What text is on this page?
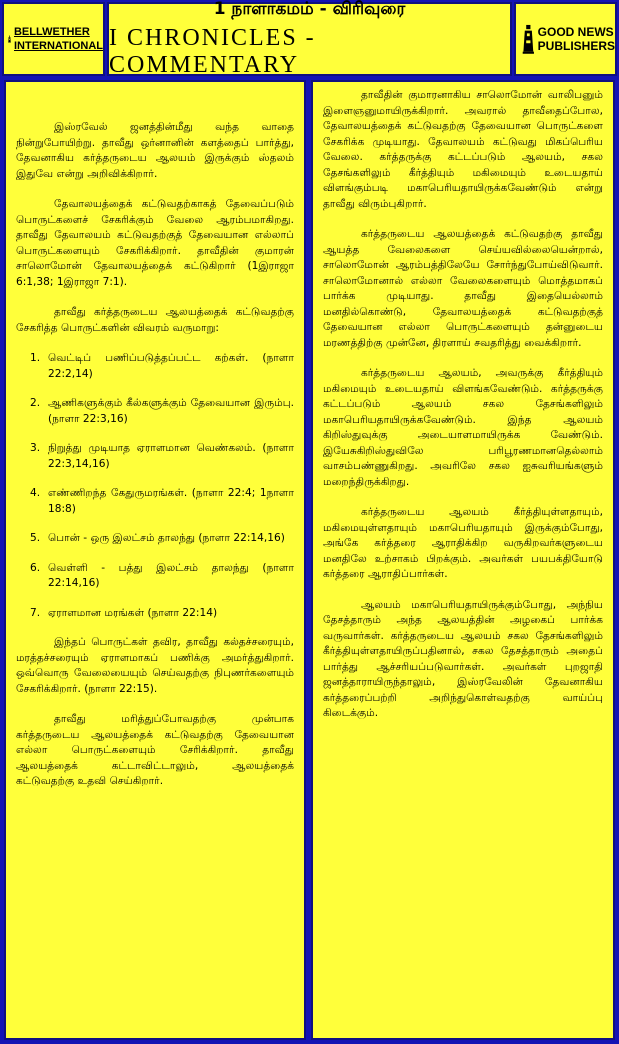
BELLWETHER
INTERNATIONAL
1 நாளாகமம் - விரிவுரை
I CHRONICLES - COMMENTARY
GOOD NEWS
PUBLISHERS

இஸ்ரவேல் ஜனத்தின்மீது வந்த வாதை நின்றுபோயிற்று. தாவீது ஒர்னானின் களத்தைப் பார்த்து, தேவனாகிய கர்த்தருடைய ஆலயம் இருக்கும் ஸ்தலம் இதுவே என்று அறிவிக்கிறார்.

தேவாலயத்தைக் கட்டுவதற்காகத் தேவைப்படும் பொருட்களைச் சேகரிக்கும் வேலை ஆரம்பமாகிறது. தாவீது தேவாலயம் கட்டுவதற்குத் தேவையான எல்லாப் பொருட்களையும் சேகரிக்கிறார். தாவீதின் குமாரன் சாலொமோன் தேவாலயத்தைக் கட்டுகிறார் (1இராஜா 6:1,38; 1இராஜா 7:1).

தாவீது கர்த்தருடைய ஆலயத்தைக் கட்டுவதற்கு சேகரித்த பொருட்களின் விவரம் வருமாறு:

1. வெட்டிப் பணிப்படுத்தப்பட்ட கற்கள். (நாளா 22:2,14)
2. ஆணிகளுக்கும் கீல்களுக்கும் தேவையான இரும்பு. (நாளா 22:3,16)
3. நிறுத்து முடியாத ஏராளமான வெண்கலம். (நாளா 22:3,14,16)
4. எண்ணிறந்த கேதுருமரங்கள். (நாளா 22:4; 1நாளா 18:8)
5. பொன் - ஒரு இலட்சம் தாலந்து (நாளா 22:14,16)
6. வெள்ளி - பத்து இலட்சம் தாலந்து (நாளா 22:14,16)
7. ஏராளமான மரங்கள் (நாளா 22:14)

இந்தப் பொருட்கள் தவிர, தாவீது கல்தச்சரையும், மரத்தச்சரையும் ஏராளமாகப் பணிக்கு அமர்த்துகிறார். ஒவ்வொரு வேலையையும் செய்வதற்கு நிபுணர்களையும் சேகரிக்கிறார். (நாளா 22:15).

தாவீது மரித்துப்போவதற்கு முன்பாக கர்த்தருடைய ஆலயத்தைக் கட்டுவதற்கு தேவையான எல்லா பொருட்களையும் சேரிக்கிறார். தாவீது ஆலயத்தைக் கட்டாவிட்டாலும், ஆலயத்தைக் கட்டுவதற்கு உதவி செய்கிறார்.

தாவீதின் குமாரனாகிய சாலொமோன் வாலிபனும் இளைஞனுமாயிருக்கிறார். அவரால் தாவீதைப்போல, தேவாலயத்தைக் கட்டுவதற்கு தேவையான பொருட்களை சேகரிக்க முடியாது. தேவாலயம் கட்டுவது மிகப்பெரிய வேலை. கர்த்தருக்கு கட்டப்படும் ஆலயம், சகல தேசங்களிலும் கீர்த்தியும் மகிமையும் உடையதாய் விளங்கும்படி மகாபெரியதாயிருக்கவேண்டும் என்று தாவீது விரும்புகிறார்.

கர்த்தருடைய ஆலயத்தைக் கட்டுவதற்கு தாவீது ஆயத்த வேலைகளை செய்யவில்லையென்றால், சாலொமோன் ஆரம்பத்திலேயே சோர்ந்துபோய்விடுவார். சாலொமோனால் எல்லா வேலைகளையும் மொத்தமாகப் பார்க்க முடியாது. தாவீது இதையெல்லாம் மனதில்கொண்டு, தேவாலயத்தைக் கட்டுவதற்குத் தேவையான எல்லா பொருட்களையும் தன்னுடைய மரணத்திற்கு முன்னே, திரளாய் சவதரித்து வைக்கிறார்.

கர்த்தருடைய ஆலயம், அவருக்கு கீர்த்தியும் மகிமையும் உடையதாய் விளங்கவேண்டும். கர்த்தருக்கு கட்டப்படும் ஆலயம் சகல தேசங்களிலும் மகாபெரியதாயிருக்கவேண்டும். இந்த ஆலயம் கிறிஸ்துவுக்கு அடையாளமாயிருக்க வேண்டும். இயேசுகிறிஸ்துவிலே பரிபூரணமானதெல்லாம் வாசம்பண்ணுகிறது. அவரிலே சகல ஐசுவரியங்களும் மறைந்திருக்கிறது.

கர்த்தருடைய ஆலயம் கீர்த்தியுள்ளதாயும், மகிமையுள்ளதாயும் மகாபெரியதாயும் இருக்கும்போது, அங்கே கர்த்தரை ஆராதிக்கிற வருகிறவர்களுடைய மனதிலே உற்சாகம் பிறக்கும். அவர்கள் பயபக்தியோடு கர்த்தரை ஆராதிப்பார்கள்.

ஆலயம் மகாபெரியதாயிருக்கும்போது, அந்நிய தேசத்தாரும் அந்த ஆலயத்தின் அழகைப் பார்க்க வருவார்கள். கர்த்தருடைய ஆலயம் சகல தேசங்களிலும் கீர்த்தியுள்ளதாயிருப்பதினால், சகல தேசத்தாரும் அதைப் பார்த்து ஆச்சரியப்படுவார்கள். அவர்கள் புறஜாதி ஜனத்தாராயிருந்தாலும், இஸ்ரவேலின் தேவனாகிய கர்த்தரைப்பற்றி அறிந்துகொள்வதற்கு வாய்ப்பு கிடைக்கும்.
